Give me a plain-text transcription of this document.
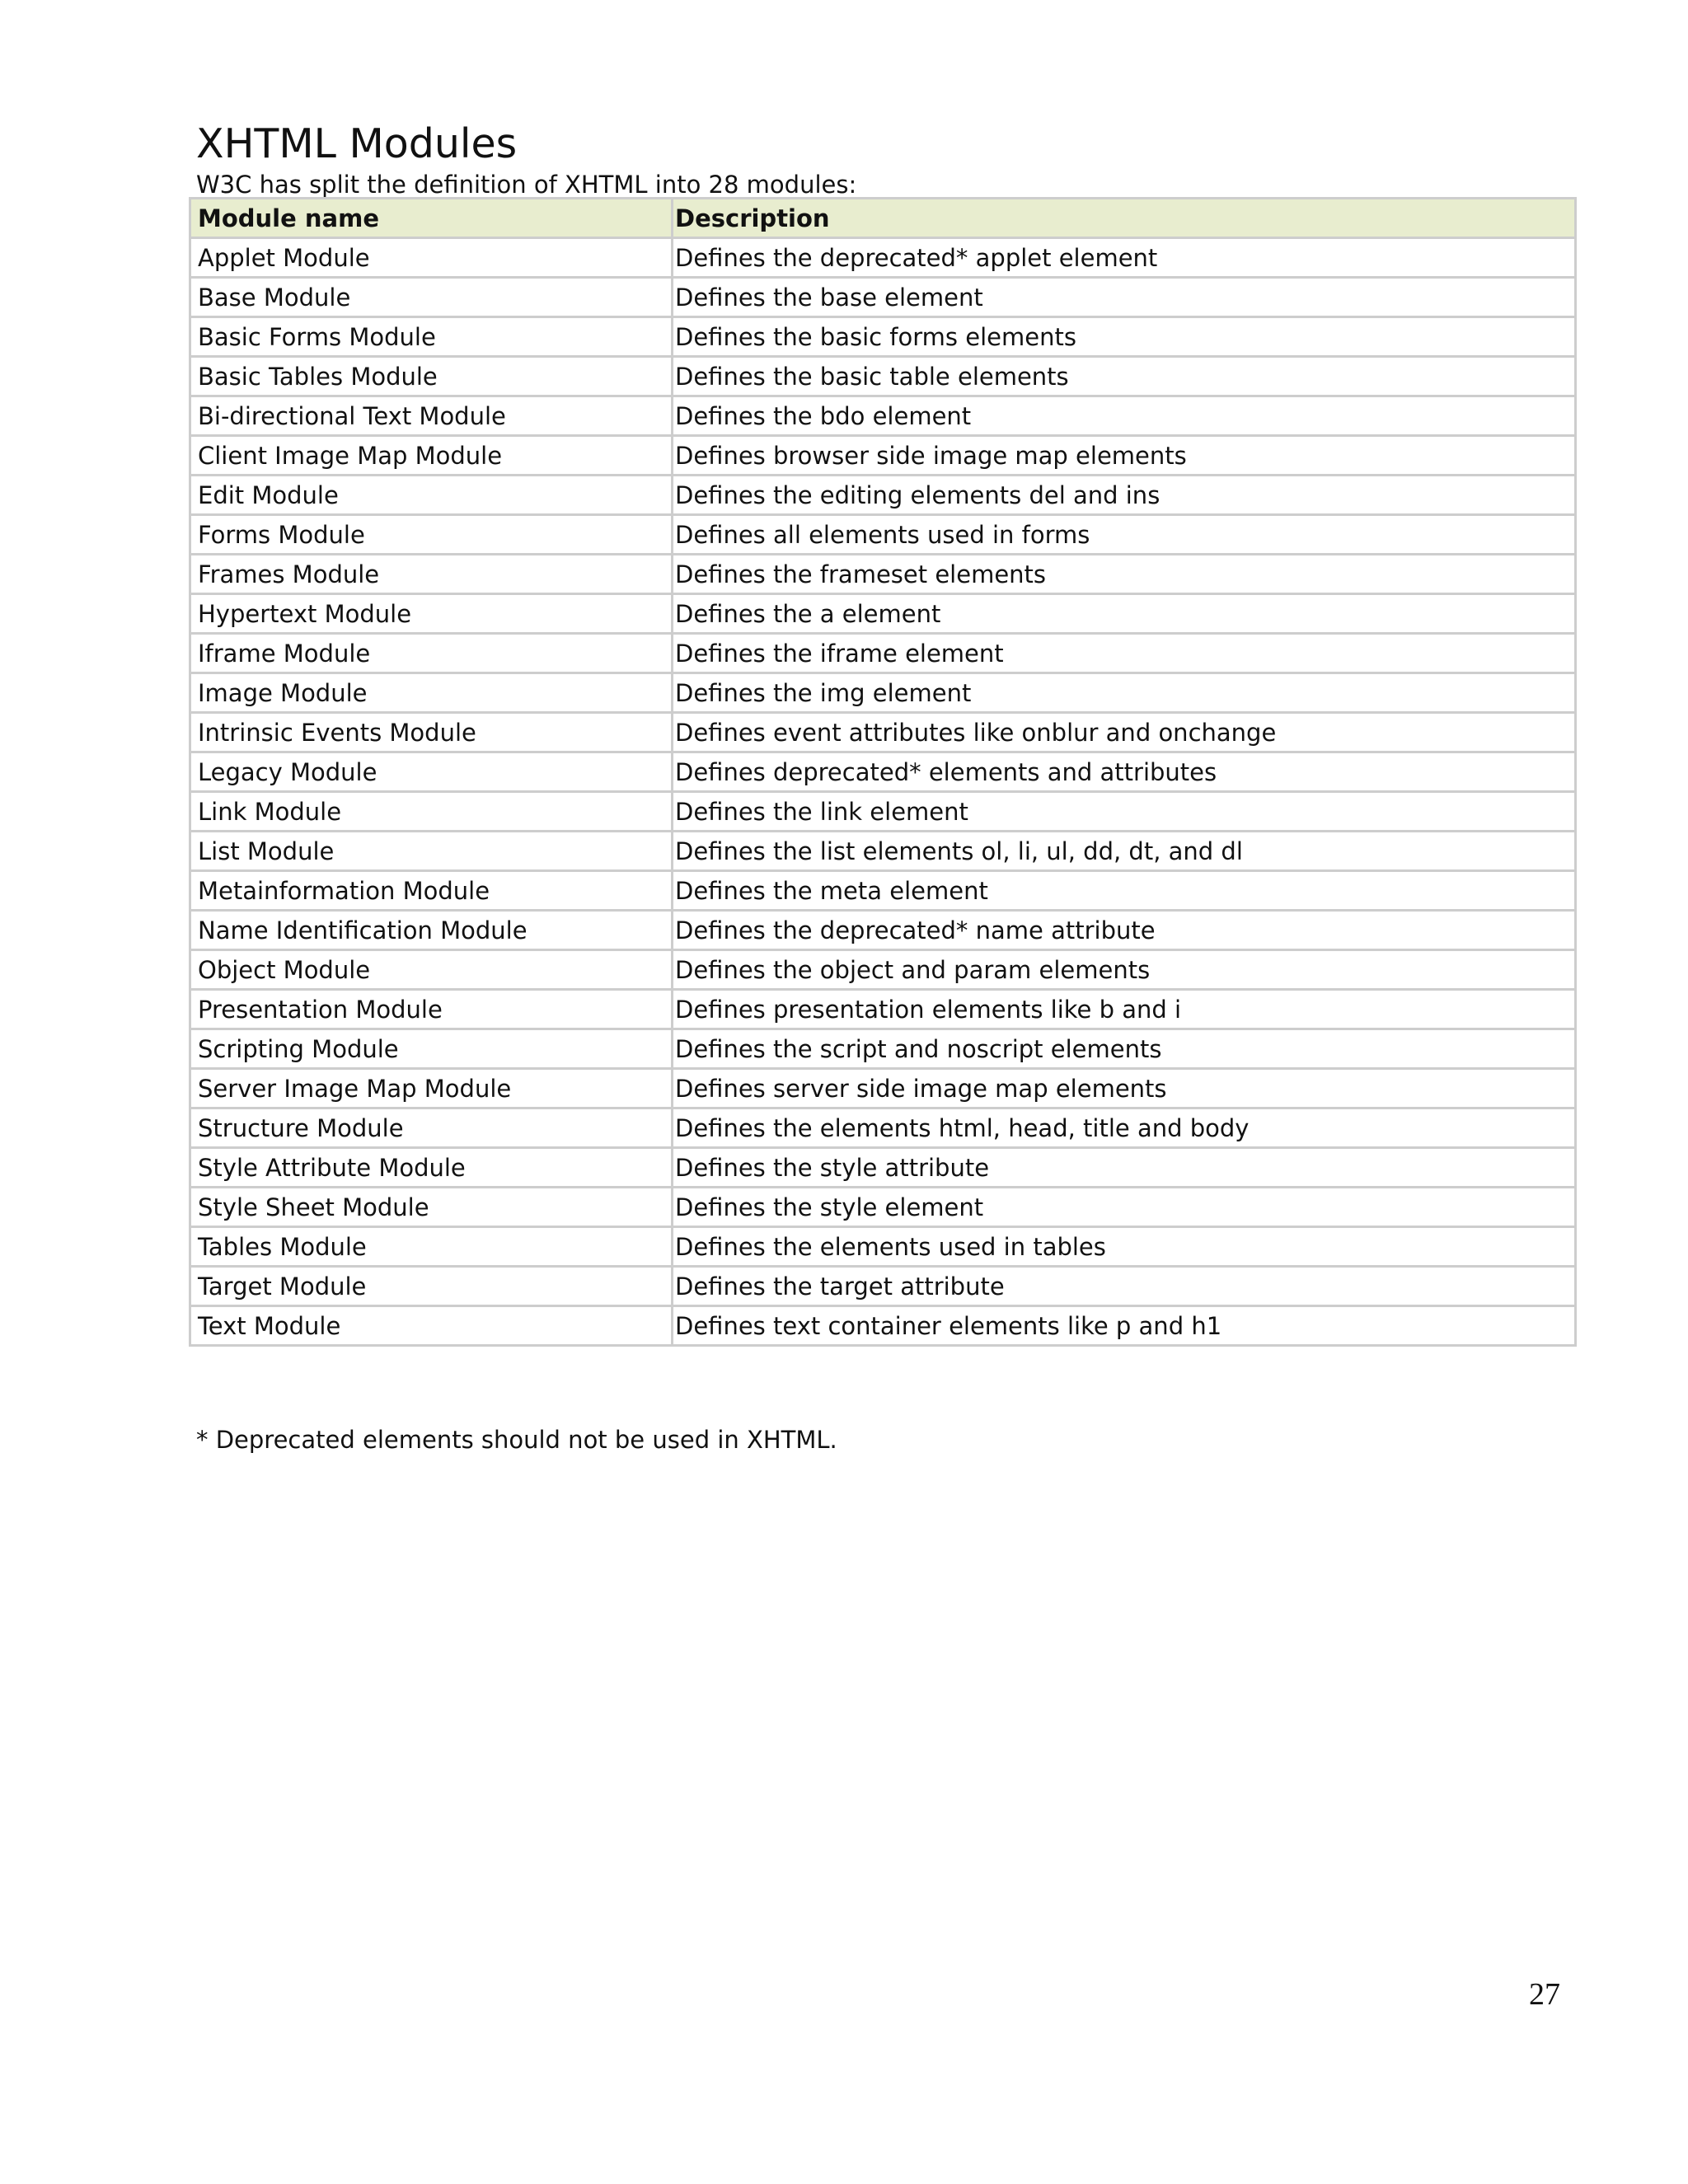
XHTML Modules
W3C has split the definition of XHTML into 28 modules:
Module name	Description
Applet Module	Defines the deprecated* applet element
Base Module	Defines the base element
Basic Forms Module	Defines the basic forms elements
Basic Tables Module	Defines the basic table elements
Bi-directional Text Module	Defines the bdo element
Client Image Map Module	Defines browser side image map elements
Edit Module	Defines the editing elements del and ins
Forms Module	Defines all elements used in forms
Frames Module	Defines the frameset elements
Hypertext Module	Defines the a element
Iframe Module	Defines the iframe element
Image Module	Defines the img element
Intrinsic Events Module	Defines event attributes like onblur and onchange
Legacy Module	Defines deprecated* elements and attributes
Link Module	Defines the link element
List Module	Defines the list elements ol, li, ul, dd, dt, and dl
Metainformation Module	Defines the meta element
Name Identification Module	Defines the deprecated* name attribute
Object Module	Defines the object and param elements
Presentation Module	Defines presentation elements like b and i
Scripting Module	Defines the script and noscript elements
Server Image Map Module	Defines server side image map elements
Structure Module	Defines the elements html, head, title and body
Style Attribute Module	Defines the style attribute
Style Sheet Module	Defines the style element
Tables Module	Defines the elements used in tables
Target Module	Defines the target attribute
Text Module	Defines text container elements like p and h1
* Deprecated elements should not be used in XHTML.
27
